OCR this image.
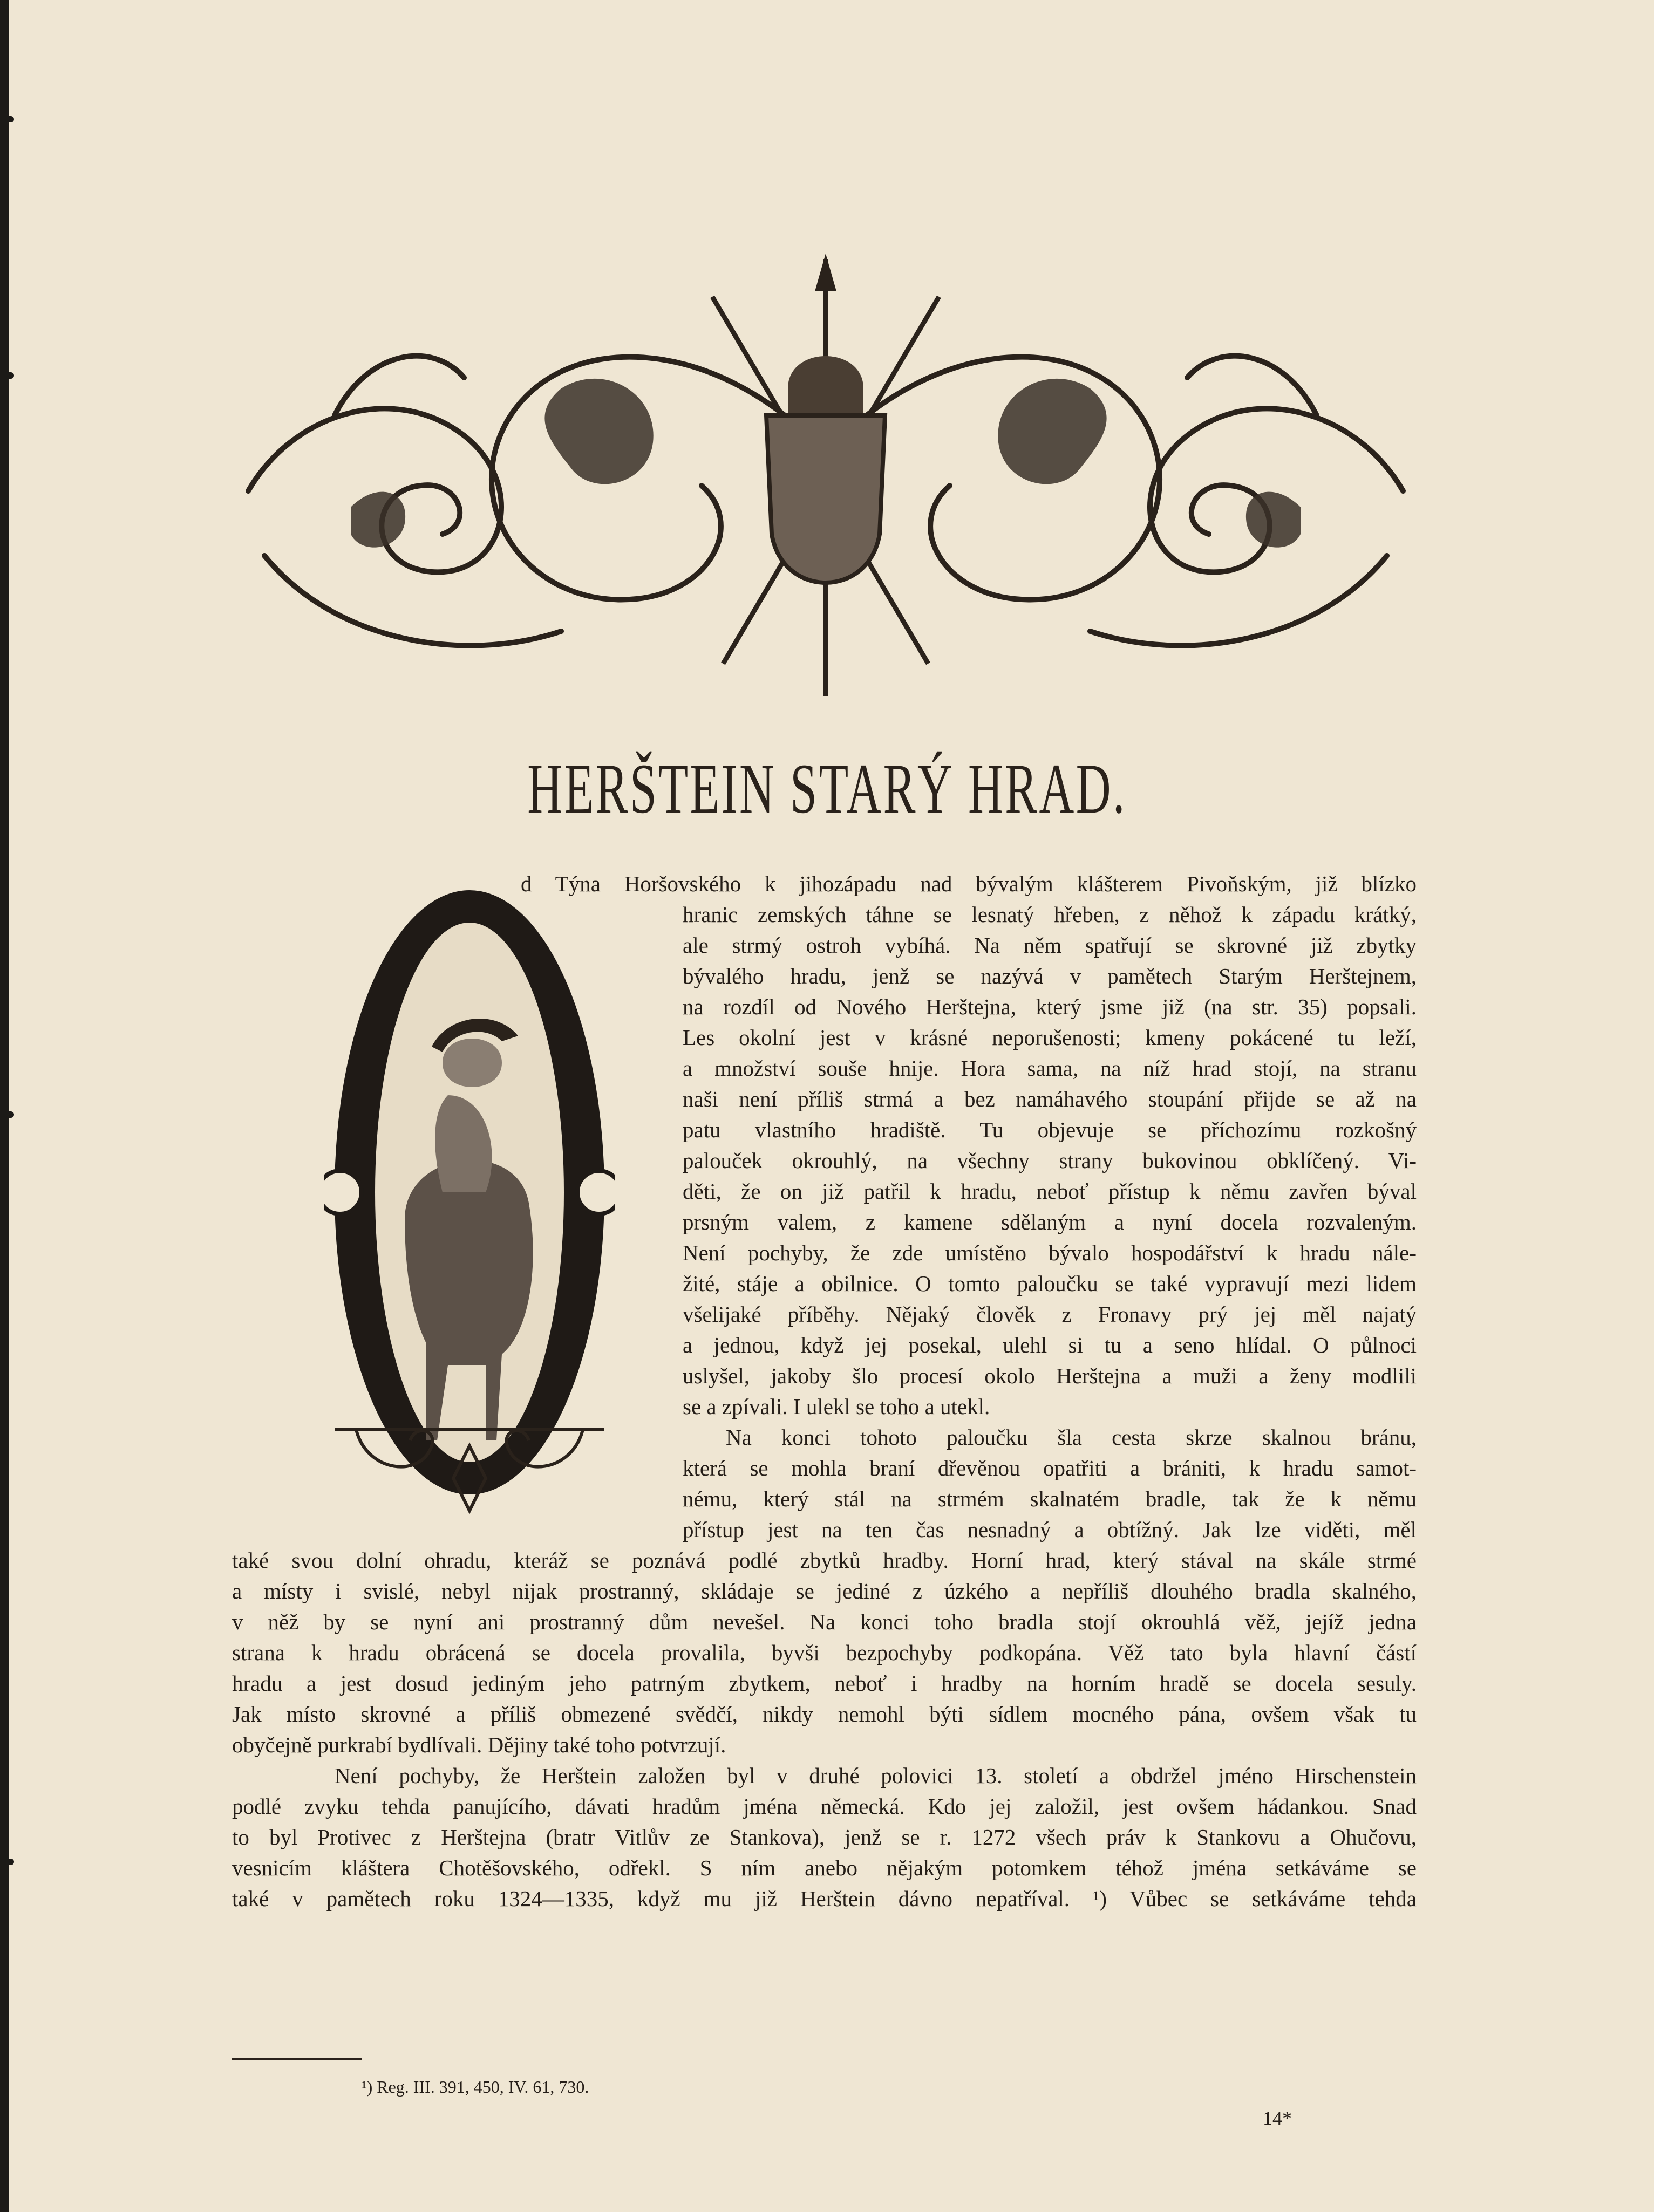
HERŠTEIN STARÝ HRAD.

d Týna Horšovského k jihozápadu nad bývalým klášterem Pivoňským, již blízko

hranic zemských táhne se lesnatý hřeben, z něhož k západu krátký,

ale strmý ostroh vybíhá. Na něm spatřují se skrovné již zbytky

bývalého hradu, jenž se nazývá v pamětech Starým Herštejnem,

na rozdíl od Nového Herštejna, který jsme již (na str. 35) popsali.

Les okolní jest v krásné neporušenosti; kmeny pokácené tu leží,

a množství souše hnije. Hora sama, na níž hrad stojí, na stranu

naši není příliš strmá a bez namáhavého stoupání přijde se až na

patu vlastního hradiště. Tu objevuje se příchozímu rozkošný

palouček okrouhlý, na všechny strany bukovinou obklíčený. Vi-

děti, že on již patřil k hradu, neboť přístup k němu zavřen býval

prsným valem, z kamene sdělaným a nyní docela rozvaleným.

Není pochyby, že zde umístěno bývalo hospodářství k hradu nále-

žité, stáje a obilnice. O tomto paloučku se také vypravují mezi lidem

všelijaké příběhy. Nějaký člověk z Fronavy prý jej měl najatý

a jednou, když jej posekal, ulehl si tu a seno hlídal. O půlnoci

uslyšel, jakoby šlo procesí okolo Herštejna a muži a ženy modlili

se a zpívali. I ulekl se toho a utekl.

Na konci tohoto paloučku šla cesta skrze skalnou bránu,

která se mohla braní dřevěnou opatřiti a brániti, k hradu samot-

nému, který stál na strmém skalnatém bradle, tak že k němu

přístup jest na ten čas nesnadný a obtížný. Jak lze viděti, měl

také svou dolní ohradu, kteráž se poznává podlé zbytků hradby. Horní hrad, který stával na skále strmé

a místy i svislé, nebyl nijak prostranný, skládaje se jediné z úzkého a nepříliš dlouhého bradla skalného,

v něž by se nyní ani prostranný dům nevešel. Na konci toho bradla stojí okrouhlá věž, jejíž jedna

strana k hradu obrácená se docela provalila, byvši bezpochyby podkopána. Věž tato byla hlavní částí

hradu a jest dosud jediným jeho patrným zbytkem, neboť i hradby na horním hradě se docela sesuly.

Jak místo skrovné a příliš obmezené svědčí, nikdy nemohl býti sídlem mocného pána, ovšem však tu

obyčejně purkrabí bydlívali. Dějiny také toho potvrzují.

Není pochyby, že Herštein založen byl v druhé polovici 13. století a obdržel jméno Hirschenstein

podlé zvyku tehda panujícího, dávati hradům jména německá. Kdo jej založil, jest ovšem hádankou. Snad

to byl Protivec z Herštejna (bratr Vitlův ze Stankova), jenž se r. 1272 všech práv k Stankovu a Ohučovu,

vesnicím kláštera Chotěšovského, odřekl. S ním anebo nějakým potomkem téhož jména setkáváme se

také v pamětech roku 1324—1335, když mu již Herštein dávno nepatříval. ¹) Vůbec se setkáváme tehda

¹) Reg. III. 391, 450, IV. 61, 730.

14*
